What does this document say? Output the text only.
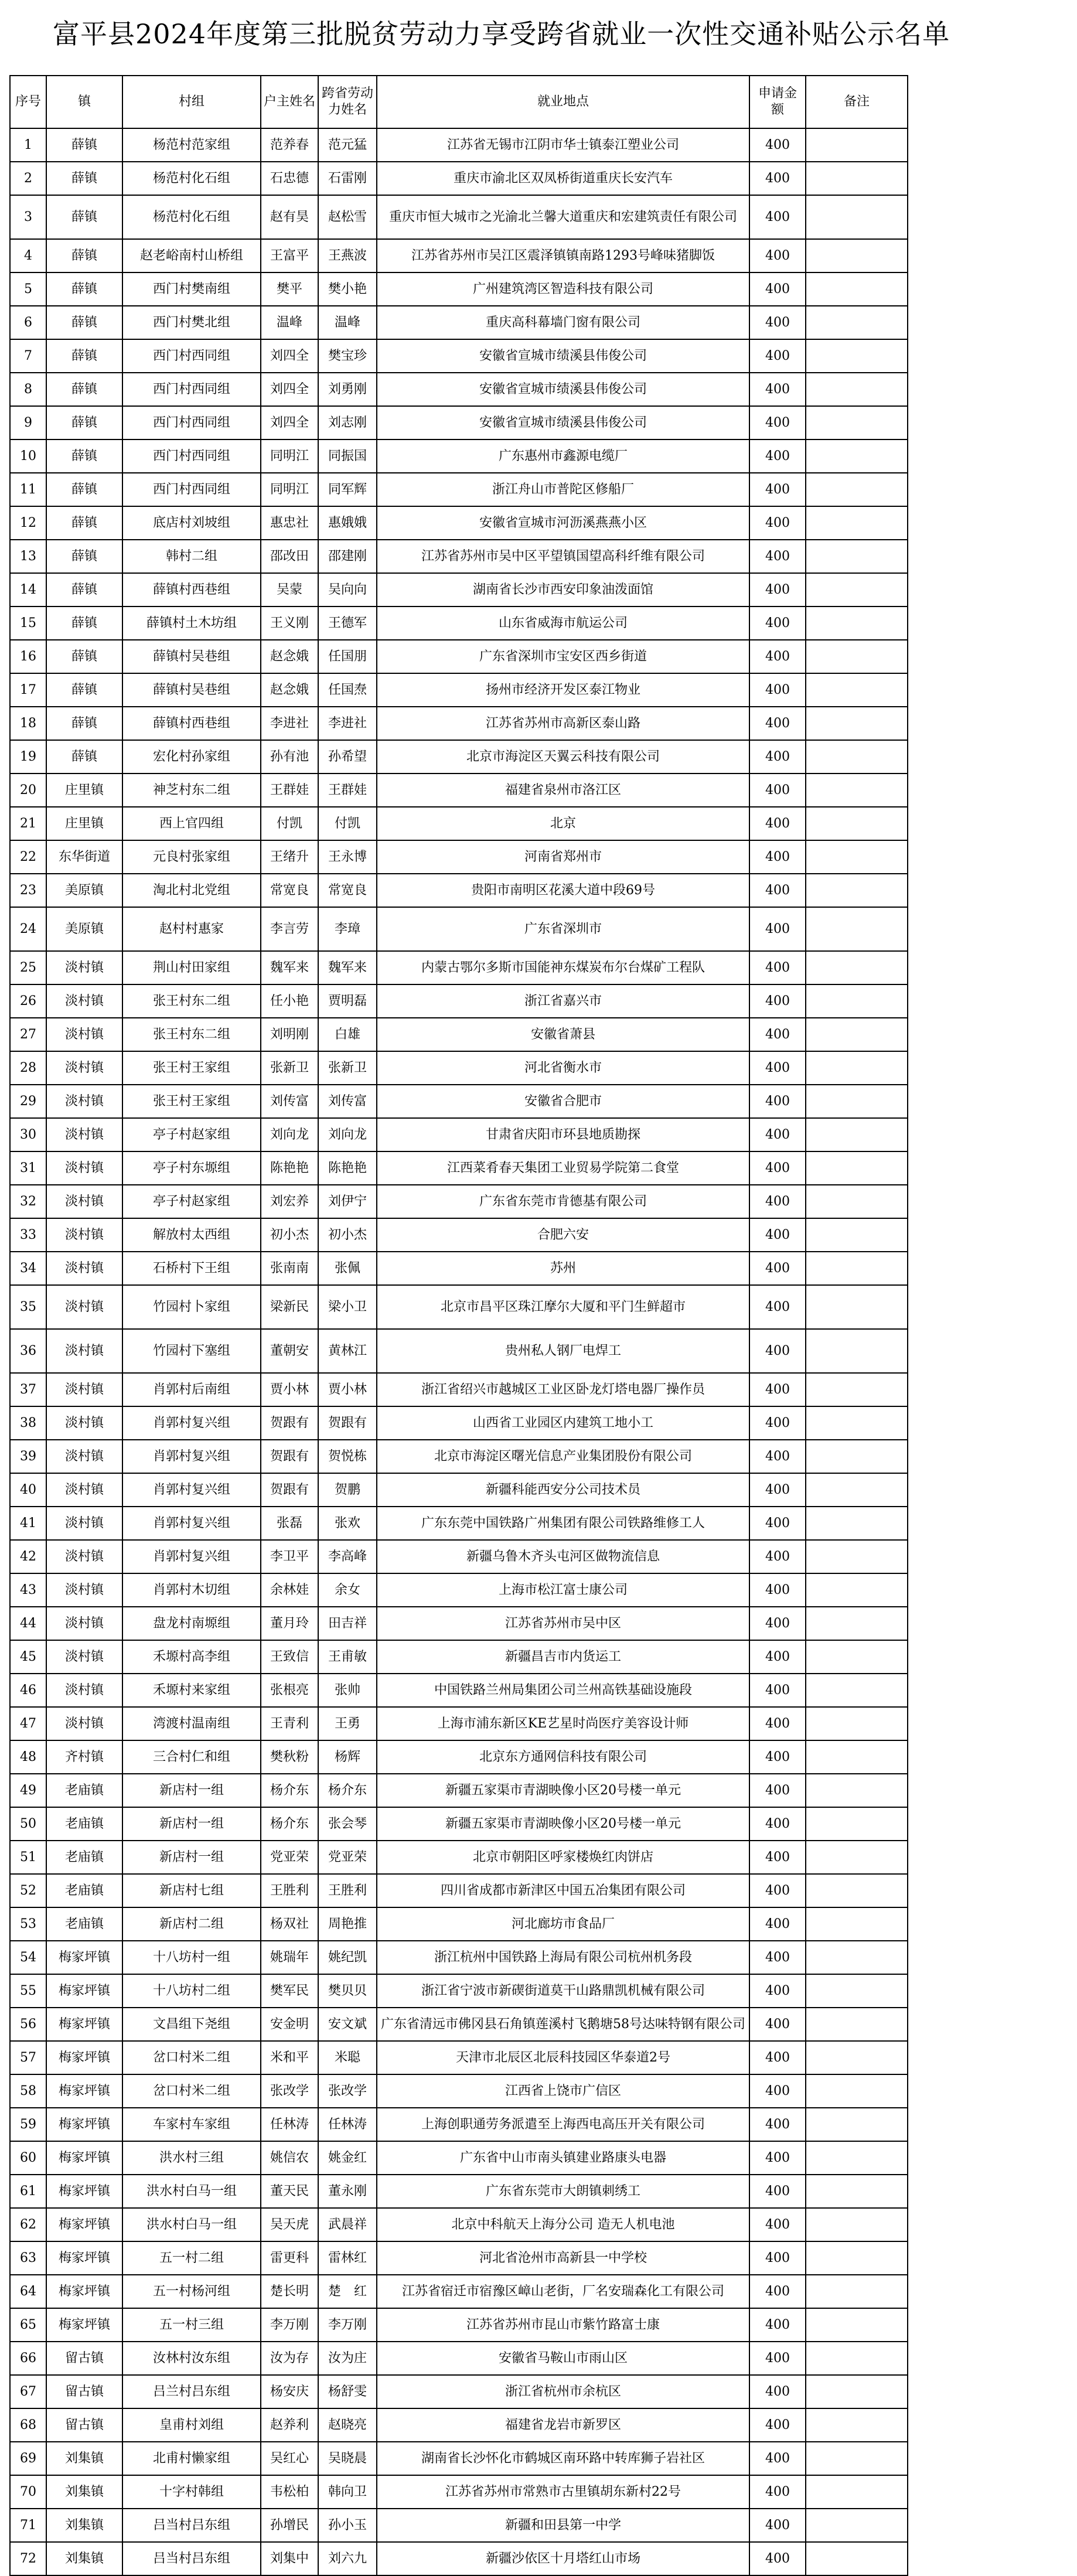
富平县2024年度第三批脱贫劳动力享受跨省就业一次性交通补贴公示名单
序号	镇	村组	户主姓名	跨省劳动力姓名	就业地点	申请金额	备注
1	薛镇	杨范村范家组	范养春	范元猛	江苏省无锡市江阴市华士镇泰江塑业公司	400	
2	薛镇	杨范村化石组	石忠德	石雷刚	重庆市渝北区双凤桥街道重庆长安汽车	400	
3	薛镇	杨范村化石组	赵有昊	赵松雪	重庆市恒大城市之光渝北兰馨大道重庆和宏建筑责任有限公司	400	
4	薛镇	赵老峪南村山桥组	王富平	王燕波	江苏省苏州市吴江区震泽镇镇南路1293号峰味猪脚饭	400	
5	薛镇	西门村樊南组	樊平	樊小艳	广州建筑湾区智造科技有限公司	400	
6	薛镇	西门村樊北组	温峰	温峰	重庆高科幕墙门窗有限公司	400	
7	薛镇	西门村西同组	刘四全	樊宝珍	安徽省宣城市绩溪县伟俊公司	400	
8	薛镇	西门村西同组	刘四全	刘勇刚	安徽省宣城市绩溪县伟俊公司	400	
9	薛镇	西门村西同组	刘四全	刘志刚	安徽省宣城市绩溪县伟俊公司	400	
10	薛镇	西门村西同组	同明江	同振国	广东惠州市鑫源电缆厂	400	
11	薛镇	西门村西同组	同明江	同军辉	浙江舟山市普陀区修船厂	400	
12	薛镇	底店村刘坡组	惠忠社	惠娥娥	安徽省宣城市河沥溪燕燕小区	400	
13	薛镇	韩村二组	邵改田	邵建刚	江苏省苏州市吴中区平望镇国望高科纤维有限公司	400	
14	薛镇	薛镇村西巷组	吴蒙	吴向向	湖南省长沙市西安印象油泼面馆	400	
15	薛镇	薛镇村土木坊组	王义刚	王德军	山东省威海市航运公司	400	
16	薛镇	薛镇村吴巷组	赵念娥	任国朋	广东省深圳市宝安区西乡街道	400	
17	薛镇	薛镇村吴巷组	赵念娥	任国焘	扬州市经济开发区泰江物业	400	
18	薛镇	薛镇村西巷组	李进社	李进社	江苏省苏州市高新区泰山路	400	
19	薛镇	宏化村孙家组	孙有池	孙希望	北京市海淀区天翼云科技有限公司	400	
20	庄里镇	神芝村东二组	王群娃	王群娃	福建省泉州市洛江区	400	
21	庄里镇	西上官四组	付凯	付凯	北京	400	
22	东华街道	元良村张家组	王绪升	王永博	河南省郑州市	400	
23	美原镇	淘北村北党组	常宽良	常宽良	贵阳市南明区花溪大道中段69号	400	
24	美原镇	赵村村惠家	李言劳	李璋	广东省深圳市	400	
25	淡村镇	荆山村田家组	魏军来	魏军来	内蒙古鄂尔多斯市国能神东煤炭布尔台煤矿工程队	400	
26	淡村镇	张王村东二组	任小艳	贾明磊	浙江省嘉兴市	400	
27	淡村镇	张王村东二组	刘明刚	白雄	安徽省萧县	400	
28	淡村镇	张王村王家组	张新卫	张新卫	河北省衡水市	400	
29	淡村镇	张王村王家组	刘传富	刘传富	安徽省合肥市	400	
30	淡村镇	亭子村赵家组	刘向龙	刘向龙	甘肃省庆阳市环县地质勘探	400	
31	淡村镇	亭子村东塬组	陈艳艳	陈艳艳	江西菜肴春天集团工业贸易学院第二食堂	400	
32	淡村镇	亭子村赵家组	刘宏养	刘伊宁	广东省东莞市肯德基有限公司	400	
33	淡村镇	解放村太西组	初小杰	初小杰	合肥六安	400	
34	淡村镇	石桥村下王组	张南南	张佩	苏州	400	
35	淡村镇	竹园村卜家组	梁新民	梁小卫	北京市昌平区珠江摩尔大厦和平门生鲜超市	400	
36	淡村镇	竹园村下塞组	董朝安	黄林江	贵州私人钢厂电焊工	400	
37	淡村镇	肖郭村后南组	贾小林	贾小林	浙江省绍兴市越城区工业区卧龙灯塔电器厂操作员	400	
38	淡村镇	肖郭村复兴组	贺跟有	贺跟有	山西省工业园区内建筑工地小工	400	
39	淡村镇	肖郭村复兴组	贺跟有	贺悦栋	北京市海淀区曙光信息产业集团股份有限公司	400	
40	淡村镇	肖郭村复兴组	贺跟有	贺鹏	新疆科能西安分公司技术员	400	
41	淡村镇	肖郭村复兴组	张磊	张欢	广东东莞中国铁路广州集团有限公司铁路维修工人	400	
42	淡村镇	肖郭村复兴组	李卫平	李高峰	新疆乌鲁木齐头屯河区做物流信息	400	
43	淡村镇	肖郭村木切组	余林娃	余女	上海市松江富士康公司	400	
44	淡村镇	盘龙村南塬组	董月玲	田吉祥	江苏省苏州市吴中区	400	
45	淡村镇	禾塬村高李组	王致信	王甫敏	新疆昌吉市内货运工	400	
46	淡村镇	禾塬村来家组	张根亮	张帅	中国铁路兰州局集团公司兰州高铁基础设施段	400	
47	淡村镇	湾渡村温南组	王青利	王勇	上海市浦东新区KE艺星时尚医疗美容设计师	400	
48	齐村镇	三合村仁和组	樊秋粉	杨辉	北京东方通网信科技有限公司	400	
49	老庙镇	新店村一组	杨介东	杨介东	新疆五家渠市青湖映像小区20号楼一单元	400	
50	老庙镇	新店村一组	杨介东	张会琴	新疆五家渠市青湖映像小区20号楼一单元	400	
51	老庙镇	新店村一组	党亚荣	党亚荣	北京市朝阳区呼家楼焕红肉饼店	400	
52	老庙镇	新店村七组	王胜利	王胜利	四川省成都市新津区中国五冶集团有限公司	400	
53	老庙镇	新店村二组	杨双社	周艳推	河北廊坊市食品厂	400	
54	梅家坪镇	十八坊村一组	姚瑞年	姚纪凯	浙江杭州中国铁路上海局有限公司杭州机务段	400	
55	梅家坪镇	十八坊村二组	樊军民	樊贝贝	浙江省宁波市新碶街道莫干山路鼎凯机械有限公司	400	
56	梅家坪镇	文昌组下尧组	安金明	安文斌	广东省清远市佛冈县石角镇莲溪村飞鹅塘58号达味特钢有限公司	400	
57	梅家坪镇	岔口村米二组	米和平	米聪	天津市北辰区北辰科技园区华泰道2号	400	
58	梅家坪镇	岔口村米二组	张改学	张改学	江西省上饶市广信区	400	
59	梅家坪镇	车家村车家组	任林涛	任林涛	上海创职通劳务派遣至上海西电高压开关有限公司	400	
60	梅家坪镇	洪水村三组	姚信农	姚金红	广东省中山市南头镇建业路康头电器	400	
61	梅家坪镇	洪水村白马一组	董天民	董永刚	广东省东莞市大朗镇刺绣工	400	
62	梅家坪镇	洪水村白马一组	吴天虎	武晨祥	北京中科航天上海分公司 造无人机电池	400	
63	梅家坪镇	五一村二组	雷更科	雷林红	河北省沧州市高新县一中学校	400	
64	梅家坪镇	五一村杨河组	楚长明	楚　红	江苏省宿迁市宿豫区嶂山老街，厂名安瑞森化工有限公司	400	
65	梅家坪镇	五一村三组	李万刚	李万刚	江苏省苏州市昆山市紫竹路富士康	400	
66	留古镇	汝林村汝东组	汝为存	汝为庄	安徽省马鞍山市雨山区	400	
67	留古镇	吕兰村吕东组	杨安庆	杨舒雯	浙江省杭州市余杭区	400	
68	留古镇	皇甫村刘组	赵养利	赵晓亮	福建省龙岩市新罗区	400	
69	刘集镇	北甫村懒家组	吴红心	吴晓晨	湖南省长沙怀化市鹤城区南环路中转库狮子岩社区	400	
70	刘集镇	十字村韩组	韦松柏	韩向卫	江苏省苏州市常熟市古里镇胡东新村22号	400	
71	刘集镇	吕当村吕东组	孙增民	孙小玉	新疆和田县第一中学	400	
72	刘集镇	吕当村吕东组	刘集中	刘六九	新疆沙依区十月塔红山市场	400	
